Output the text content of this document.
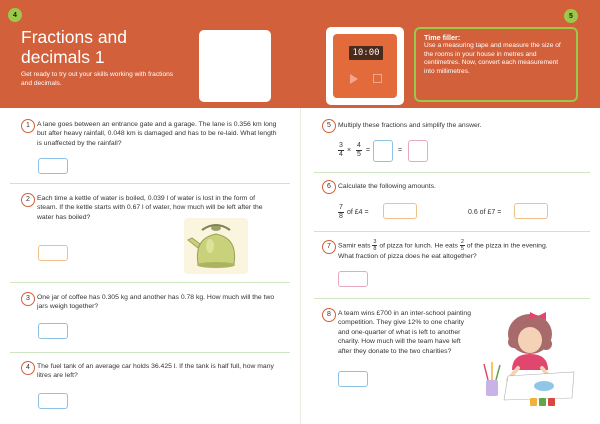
4	5
Fractions and
decimals 1
Get ready to try out your skills working with fractions and decimals.
10:00
Time filler:
Use a measuring tape and measure the size of the rooms in your house in metres and centimetres. Now, convert each measurement into millimetres.
1	A lane goes between an entrance gate and a garage. The lane is 0.356 km long but after heavy rainfall, 0.048 km is damaged and has to be re-laid. What length is unaffected by the rainfall?
2	Each time a kettle of water is boiled, 0.039 l of water is lost in the form of steam. If the kettle starts with 0.67 l of water, how much will be left after the water has boiled?
3	One jar of coffee has 0.305 kg and another has 0.78 kg. How much will the two jars weigh together?
4	The fuel tank of an average car holds 36.425 l. If the tank is half full, how many litres are left?
5	Multiply these fractions and simplify the answer.
$\frac{3}{4} \times \frac{4}{5}$ =	=
6	Calculate the following amounts.
$\frac{7}{8}$ of £4 =	0.6 of £7 =
7	Samir eats $\frac{3}{8}$ of pizza for lunch. He eats $\frac{2}{5}$ of the pizza in the evening.
What fraction of pizza does he eat altogether?
8	A team wins £700 in an inter-school painting competition. They give 12% to one charity and one-quarter of what is left to another charity. How much will the team have left after they donate to the two charities?
